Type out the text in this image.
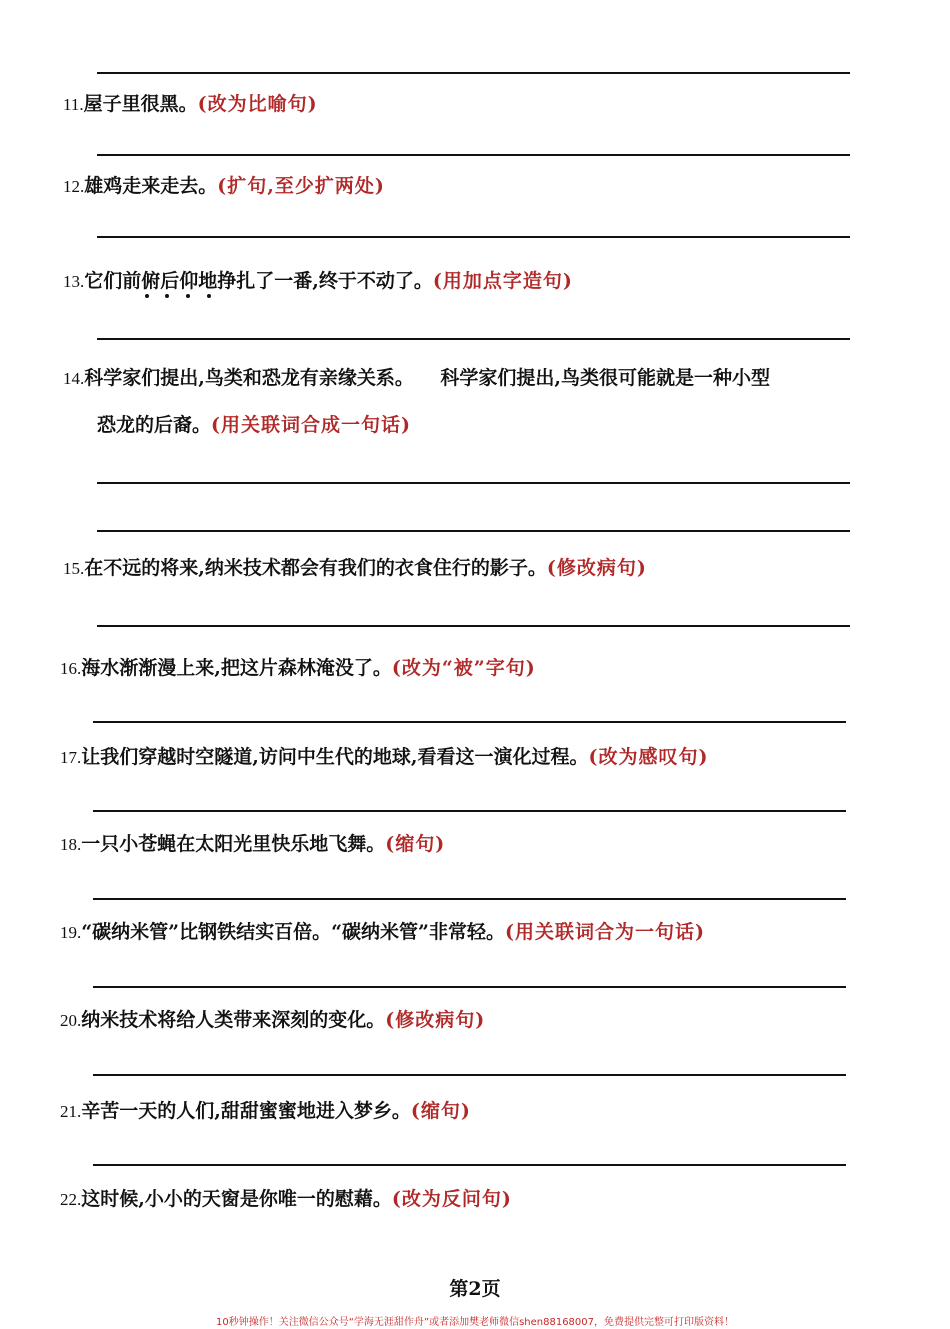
11.屋子里很黑。(改为比喻句)
12.雄鸡走来走去。(扩句,至少扩两处)
13.它们前俯后仰地挣扎了一番,终于不动了。(用加点字造句)
14.科学家们提出,鸟类和恐龙有亲缘关系。    科学家们提出,鸟类很可能就是一种小型
恐龙的后裔。(用关联词合成一句话)
15.在不远的将来,纳米技术都会有我们的衣食住行的影子。(修改病句)
16.海水渐渐漫上来,把这片森林淹没了。(改为“被”字句)
17.让我们穿越时空隧道,访问中生代的地球,看看这一演化过程。(改为感叹句)
18.一只小苍蝇在太阳光里快乐地飞舞。(缩句)
19.“碳纳米管”比钢铁结实百倍。“碳纳米管”非常轻。(用关联词合为一句话)
20.纳米技术将给人类带来深刻的变化。(修改病句)
21.辛苦一天的人们,甜甜蜜蜜地进入梦乡。(缩句)
22.这时候,小小的天窗是你唯一的慰藉。(改为反问句)
第2页
10秒钟操作！关注微信公众号“学海无涯甜作舟”或者添加樊老师微信shen88168007，免费提供完整可打印版资料！
